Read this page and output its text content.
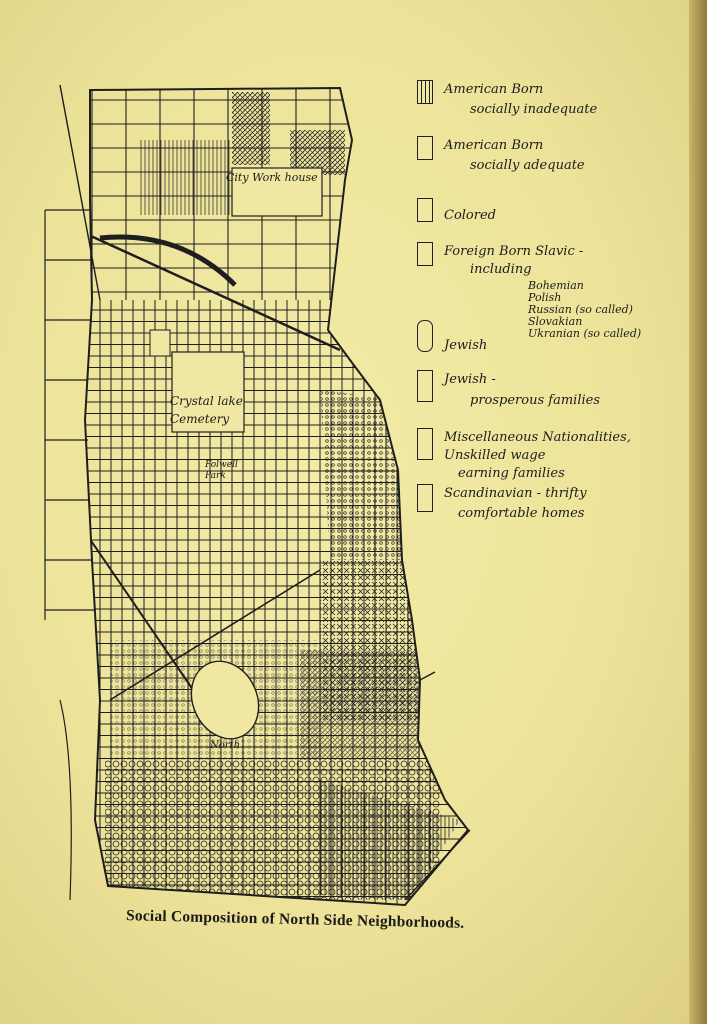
City Work house
Crystal lake
Cemetery
Folwell
Park
North
American Born
socially inadequate
American Born
socially adequate
Colored
Foreign Born Slavic -
including
Bohemian
Polish
Russian (so called)
Slovakian
Ukranian (so called)
Jewish
Jewish -
prosperous families
Miscellaneous Nationalities,
Unskilled wage
earning families
Scandinavian - thrifty
comfortable homes
Social Composition of North Side Neighborhoods.
